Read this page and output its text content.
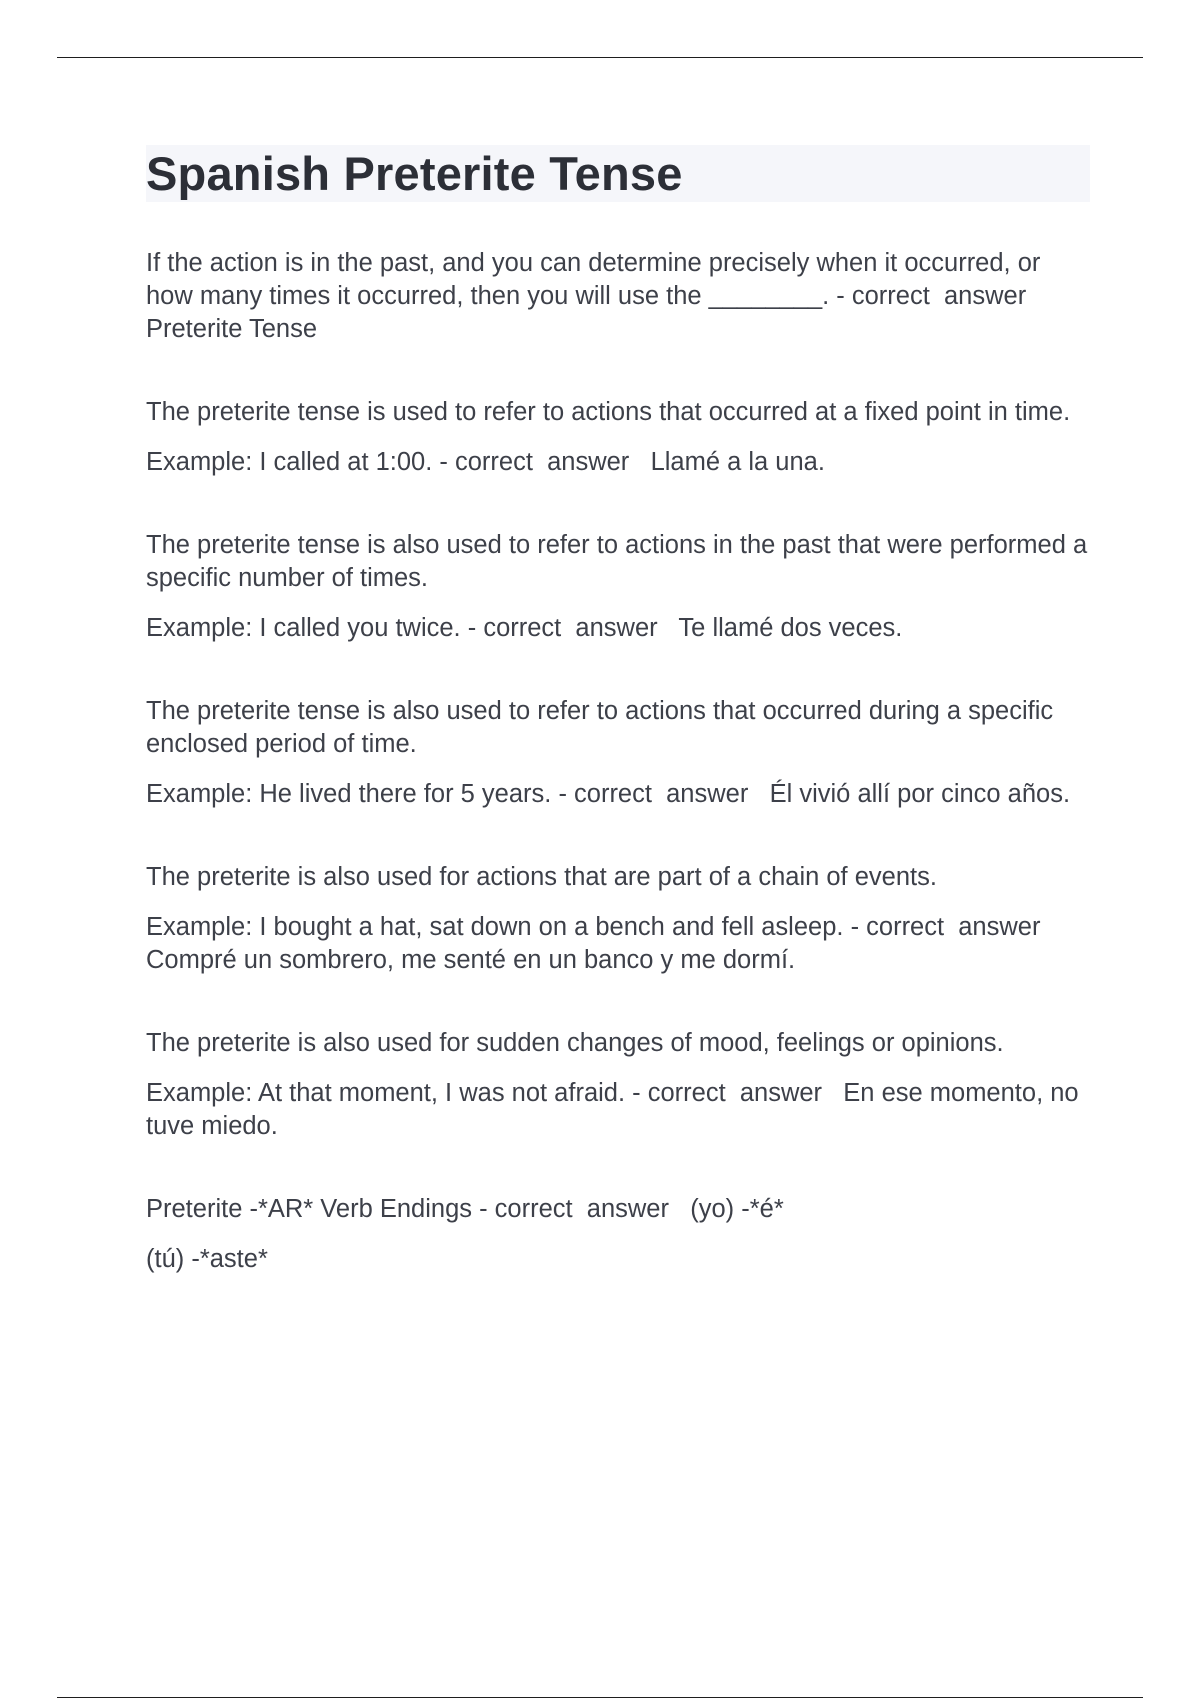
Spanish Preterite Tense

If the action is in the past, and you can determine precisely when it occurred, or how many times it occurred, then you will use the ________. - correct  answer   Preterite Tense

The preterite tense is used to refer to actions that occurred at a fixed point in time.

Example: I called at 1:00. - correct  answer   Llamé a la una.

The preterite tense is also used to refer to actions in the past that were performed a specific number of times.

Example: I called you twice. - correct  answer   Te llamé dos veces.

The preterite tense is also used to refer to actions that occurred during a specific enclosed period of time.

Example: He lived there for 5 years. - correct  answer   Él vivió allí por cinco años.

The preterite is also used for actions that are part of a chain of events.

Example: I bought a hat, sat down on a bench and fell asleep. - correct  answer   Compré un sombrero, me senté en un banco y me dormí.

The preterite is also used for sudden changes of mood, feelings or opinions.

Example: At that moment, I was not afraid. - correct  answer   En ese momento, no tuve miedo.

Preterite -*AR* Verb Endings - correct  answer   (yo) -*é*

(tú) -*aste*
